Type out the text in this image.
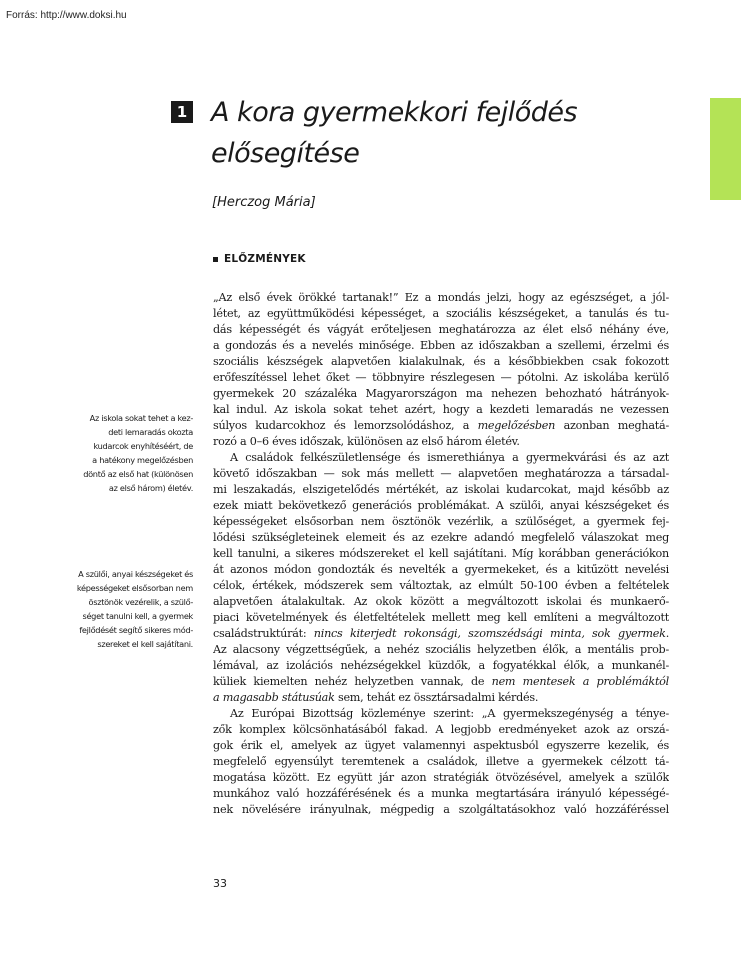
Forrás: http://www.doksi.hu
1 A kora gyermekkori fejlődés
elősegítése
[Herczog Mária]
ELŐZMÉNYEK
Az iskola sokat tehet a kez-
deti lemaradás okozta
kudarcok enyhítéséért, de
a hatékony megelőzésben
döntő az első hat (különösen
az első három) életév.
A szülői, anyai készségeket és
képességeket elsősorban nem
ösztönök vezérelik, a szülő-
séget tanulni kell, a gyermek
fejlődését segítő sikeres mód-
szereket el kell sajátítani.
„Az első évek örökké tartanak!” Ez a mondás jelzi, hogy az egészséget, a jól-
létet, az együttműködési képességet, a szociális készségeket, a tanulás és tu-
dás képességét és vágyát erőteljesen meghatározza az élet első néhány éve,
a gondozás és a nevelés minősége. Ebben az időszakban a szellemi, érzelmi és
szociális készségek alapvetően kialakulnak, és a későbbiekben csak fokozott
erőfeszítéssel lehet őket — többnyire részlegesen — pótolni. Az iskolába kerülő
gyermekek 20 százaléka Magyarországon ma nehezen behozható hátrányok-
kal indul. Az iskola sokat tehet azért, hogy a kezdeti lemaradás ne vezessen
súlyos kudarcokhoz és lemorzsolódáshoz, a megelőzésben azonban meghatá-
rozó a 0–6 éves időszak, különösen az első három életév.
A családok felkészületlensége és ismerethiánya a gyermekvárási és az azt
követő időszakban — sok más mellett — alapvetően meghatározza a társadal-
mi leszakadás, elszigetelődés mértékét, az iskolai kudarcokat, majd később az
ezek miatt bekövetkező generációs problémákat. A szülői, anyai készségeket és
képességeket elsősorban nem ösztönök vezérlik, a szülőséget, a gyermek fej-
lődési szükségleteinek elemeit és az ezekre adandó megfelelő válaszokat meg
kell tanulni, a sikeres módszereket el kell sajátítani. Míg korábban generációkon
át azonos módon gondozták és nevelték a gyermekeket, és a kitűzött nevelési
célok, értékek, módszerek sem változtak, az elmúlt 50-100 évben a feltételek
alapvetően átalakultak. Az okok között a megváltozott iskolai és munkaerő-
piaci követelmények és életfeltételek mellett meg kell említeni a megváltozott
családstruktúrát: nincs kiterjedt rokonsági, szomszédsági minta, sok gyermek.
Az alacsony végzettségűek, a nehéz szociális helyzetben élők, a mentális prob-
lémával, az izolációs nehézségekkel küzdők, a fogyatékkal élők, a munkanél-
küliek kiemelten nehéz helyzetben vannak, de nem mentesek a problémáktól
a magasabb státusúak sem, tehát ez össztársadalmi kérdés.
Az Európai Bizottság közleménye szerint: „A gyermekszegénység a ténye-
zők komplex kölcsönhatásából fakad. A legjobb eredményeket azok az orszá-
gok érik el, amelyek az ügyet valamennyi aspektusból egyszerre kezelik, és
megfelelő egyensúlyt teremtenek a családok, illetve a gyermekek célzott tá-
mogatása között. Ez együtt jár azon stratégiák ötvözésével, amelyek a szülők
munkához való hozzáférésének és a munka megtartására irányuló képességé-
nek növelésére irányulnak, mégpedig a szolgáltatásokhoz való hozzáféréssel
33
